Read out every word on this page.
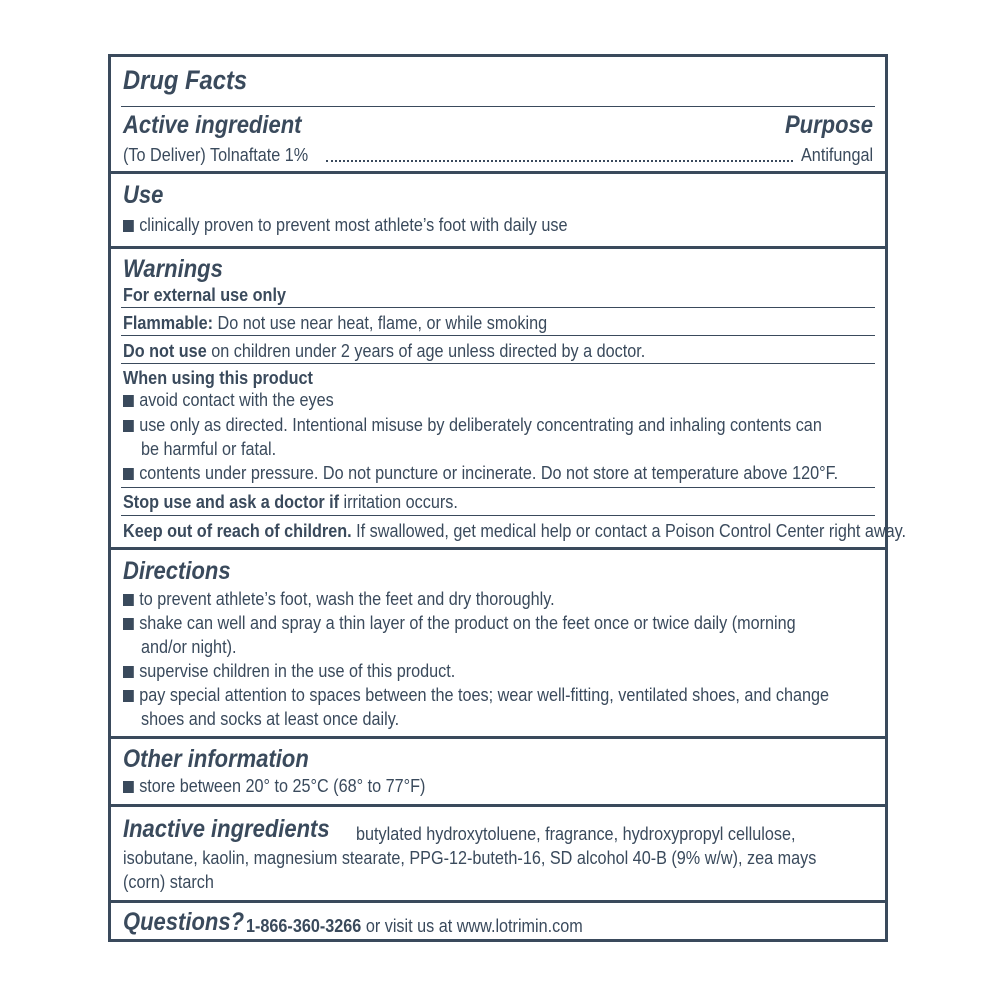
Drug Facts
Active ingredient	Purpose
(To Deliver) Tolnaftate 1%	Antifungal
Use
clinically proven to prevent most athlete’s foot with daily use
Warnings
For external use only
Flammable: Do not use near heat, flame, or while smoking
Do not use on children under 2 years of age unless directed by a doctor.
When using this product
avoid contact with the eyes
use only as directed. Intentional misuse by deliberately concentrating and inhaling contents can
be harmful or fatal.
contents under pressure. Do not puncture or incinerate. Do not store at temperature above 120°F.
Stop use and ask a doctor if irritation occurs.
Keep out of reach of children. If swallowed, get medical help or contact a Poison Control Center right away.
Directions
to prevent athlete’s foot, wash the feet and dry thoroughly.
shake can well and spray a thin layer of the product on the feet once or twice daily (morning
and/or night).
supervise children in the use of this product.
pay special attention to spaces between the toes; wear well-fitting, ventilated shoes, and change
shoes and socks at least once daily.
Other information
store between 20° to 25°C (68° to 77°F)
Inactive ingredients butylated hydroxytoluene, fragrance, hydroxypropyl cellulose,
isobutane, kaolin, magnesium stearate, PPG-12-buteth-16, SD alcohol 40-B (9% w/w), zea mays
(corn) starch
Questions? 1-866-360-3266 or visit us at www.lotrimin.com
